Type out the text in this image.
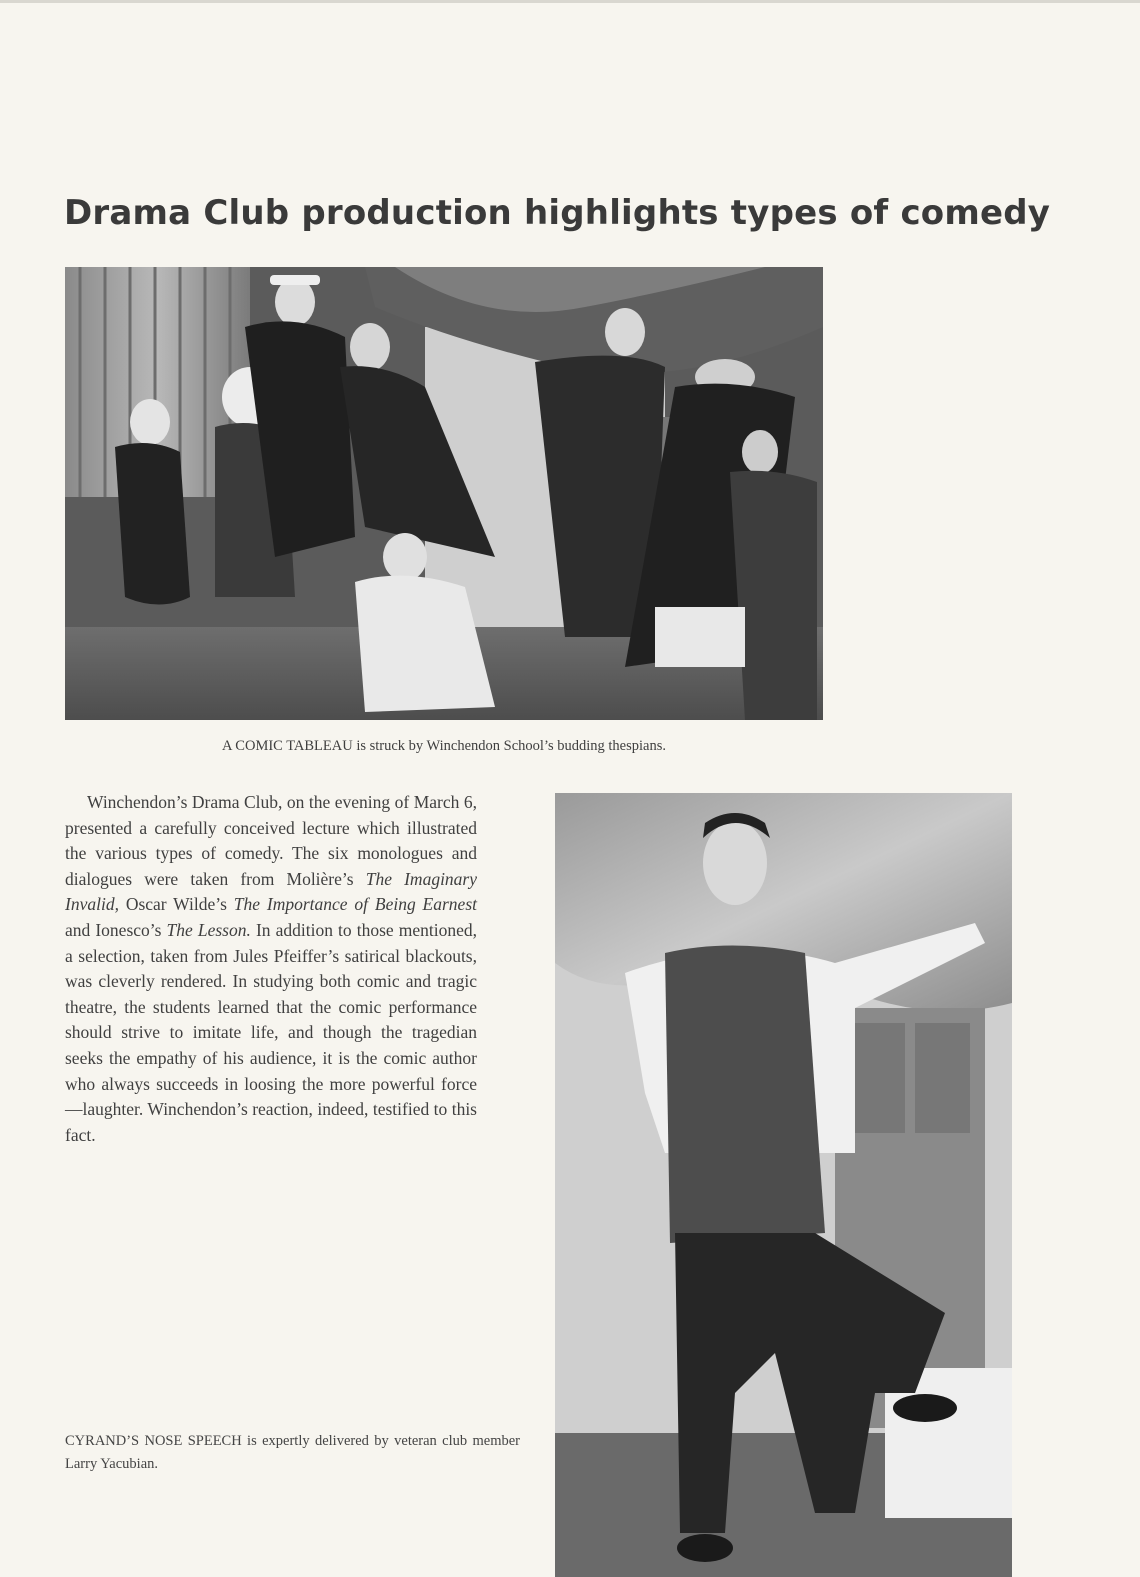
Drama Club production highlights types of comedy
A COMIC TABLEAU is struck by Winchendon School’s budding thespians.
Winchendon’s Drama Club, on the evening of March 6, presented a carefully conceived lecture which illustrated the various types of comedy. The six monologues and dialogues were taken from Molière’s The Imaginary Invalid, Oscar Wilde’s The Importance of Being Earnest and Ionesco’s The Lesson. In addition to those mentioned, a selection, taken from Jules Pfeiffer’s satirical blackouts, was cleverly rendered. In studying both comic and tragic theatre, the students learned that the comic performance should strive to imitate life, and though the tragedian seeks the empathy of his audience, it is the comic author who always succeeds in loosing the more powerful force—laughter. Winchendon’s reaction, indeed, testified to this fact.
CYRAND’S NOSE SPEECH is expertly delivered by veteran club member Larry Yacubian.
